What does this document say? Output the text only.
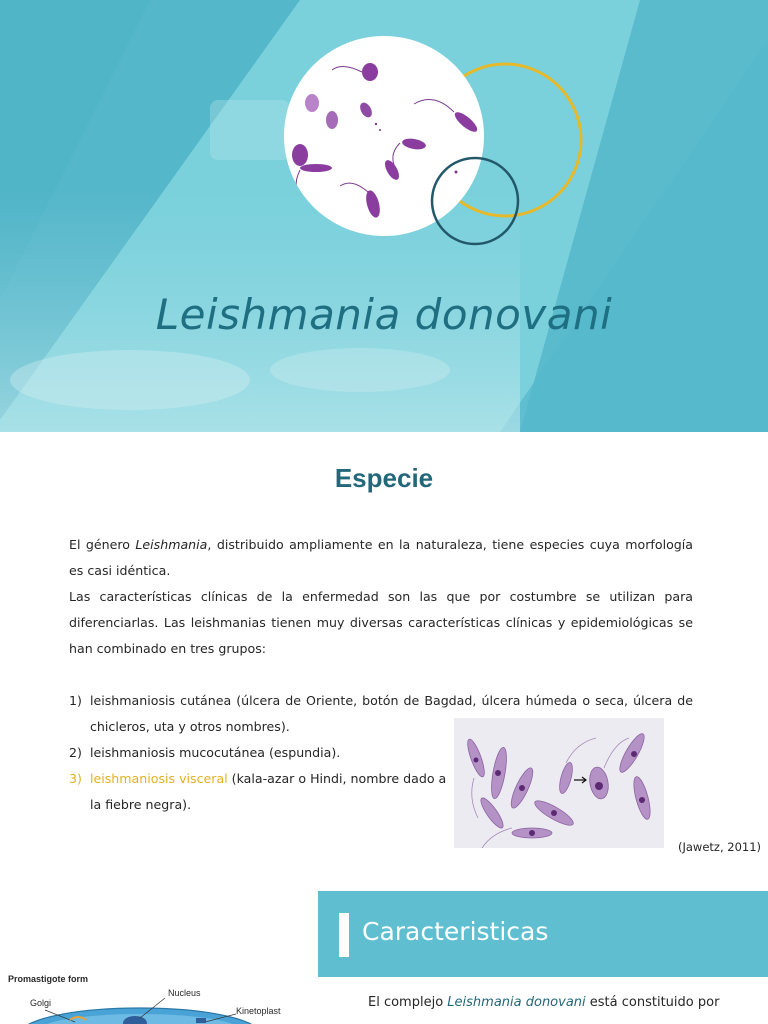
Leishmania donovani
Especie
El género Leishmania, distribuido ampliamente en la naturaleza, tiene especies cuya morfología es casi idéntica.
Las características clínicas de la enfermedad son las que por costumbre se utilizan para diferenciarlas. Las leishmanias tienen muy diversas características clínicas y epidemiológicas se han combinado en tres grupos:
1) leishmaniosis cutánea (úlcera de Oriente, botón de Bagdad, úlcera húmeda o seca, úlcera de chicleros, uta y otros nombres).
2) leishmaniosis mucocutánea (espundia).
3) leishmaniosis visceral (kala-azar o Hindi, nombre dado a la fiebre negra).
(Jawetz, 2011)
Caracteristicas
El complejo Leishmania donovani está constituido por
Promastigote form
Nucleus
Golgi
Kinetoplast
